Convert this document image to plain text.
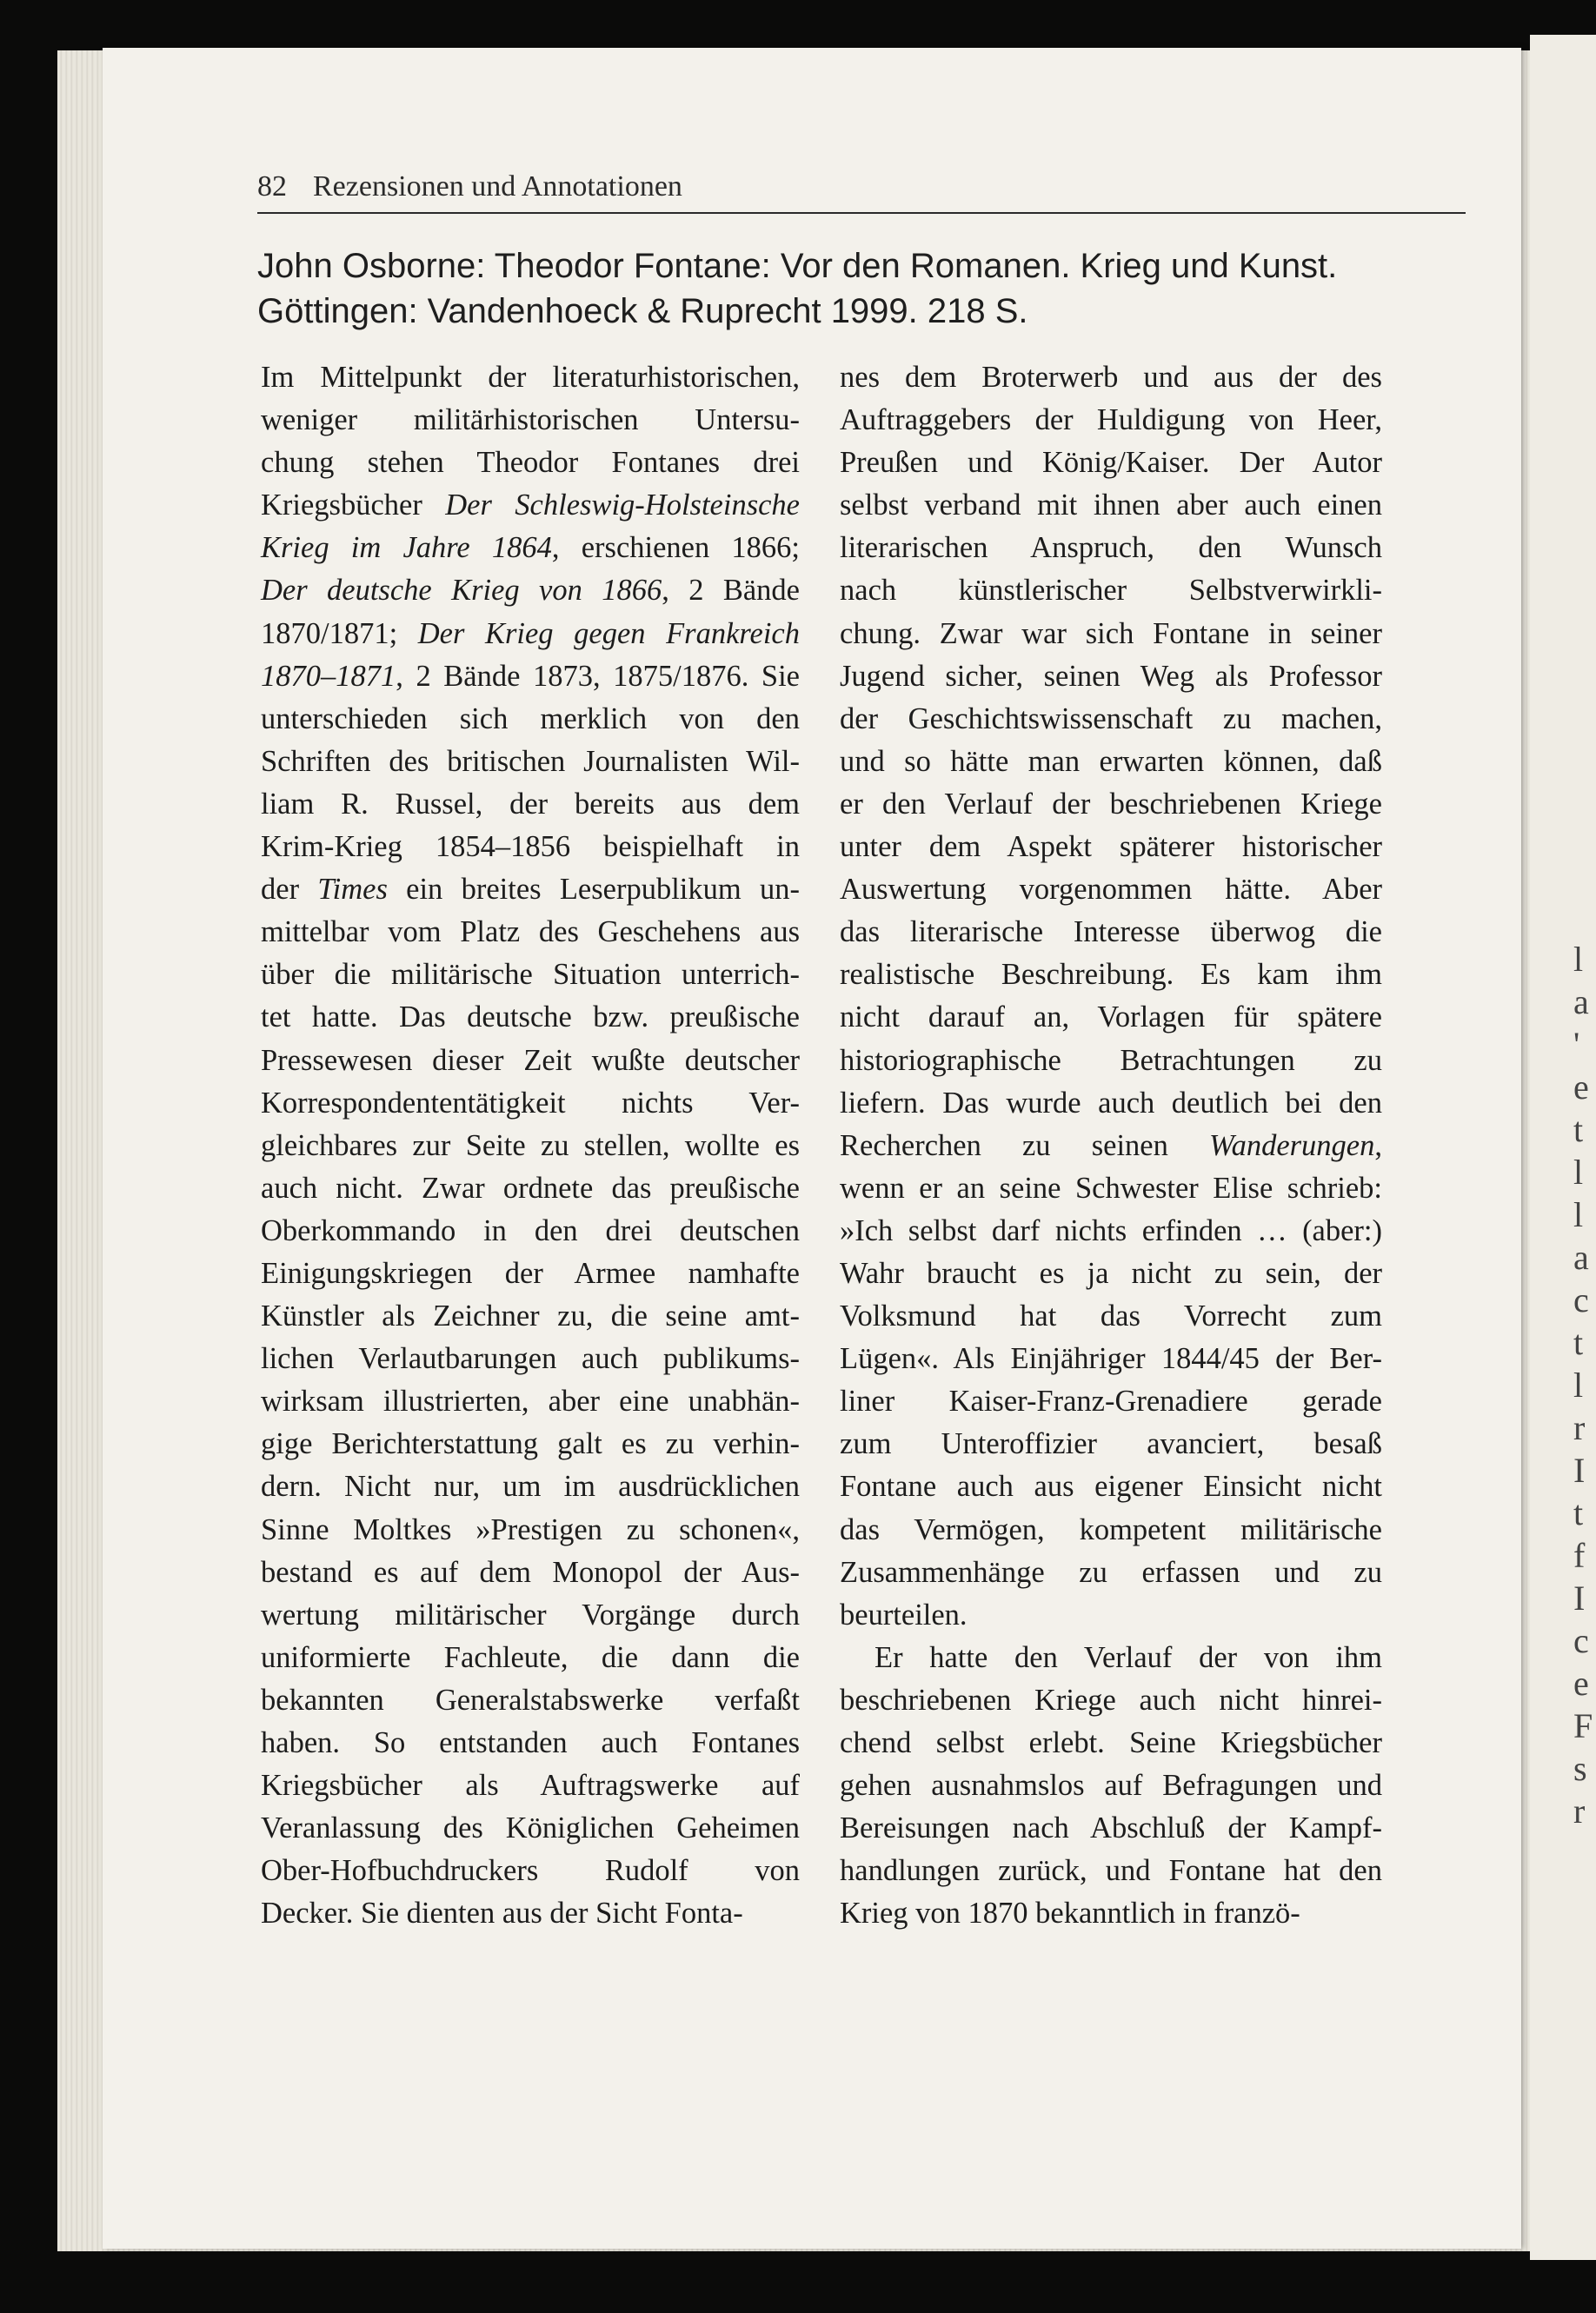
l
a
'
e
t
l
l
a
c
t
l
r
I
t
f
I
c
e
F
s
r
82 Rezensionen und Annotationen
John Osborne: Theodor Fontane: Vor den Romanen. Krieg und Kunst.
Göttingen: Vandenhoeck & Ruprecht 1999. 218 S.
Im Mittelpunkt der literaturhistorischen,
weniger militärhistorischen Untersu-
chung stehen Theodor Fontanes drei
Kriegsbücher Der Schleswig-Holsteinsche
Krieg im Jahre 1864, erschienen 1866;
Der deutsche Krieg von 1866, 2 Bände
1870/1871; Der Krieg gegen Frankreich
1870–1871, 2 Bände 1873, 1875/1876. Sie
unterschieden sich merklich von den
Schriften des britischen Journalisten Wil-
liam R. Russel, der bereits aus dem
Krim-Krieg 1854–1856 beispielhaft in
der Times ein breites Leserpublikum un-
mittelbar vom Platz des Geschehens aus
über die militärische Situation unterrich-
tet hatte. Das deutsche bzw. preußische
Pressewesen dieser Zeit wußte deutscher
Korrespondententätigkeit nichts Ver-
gleichbares zur Seite zu stellen, wollte es
auch nicht. Zwar ordnete das preußische
Oberkommando in den drei deutschen
Einigungskriegen der Armee namhafte
Künstler als Zeichner zu, die seine amt-
lichen Verlautbarungen auch publikums-
wirksam illustrierten, aber eine unabhän-
gige Berichterstattung galt es zu verhin-
dern. Nicht nur, um im ausdrücklichen
Sinne Moltkes »Prestigen zu schonen«,
bestand es auf dem Monopol der Aus-
wertung militärischer Vorgänge durch
uniformierte Fachleute, die dann die
bekannten Generalstabswerke verfaßt
haben. So entstanden auch Fontanes
Kriegsbücher als Auftragswerke auf
Veranlassung des Königlichen Geheimen
Ober-Hofbuchdruckers Rudolf von
Decker. Sie dienten aus der Sicht Fonta-
nes dem Broterwerb und aus der des
Auftraggebers der Huldigung von Heer,
Preußen und König/Kaiser. Der Autor
selbst verband mit ihnen aber auch einen
literarischen Anspruch, den Wunsch
nach künstlerischer Selbstverwirkli-
chung. Zwar war sich Fontane in seiner
Jugend sicher, seinen Weg als Professor
der Geschichtswissenschaft zu machen,
und so hätte man erwarten können, daß
er den Verlauf der beschriebenen Kriege
unter dem Aspekt späterer historischer
Auswertung vorgenommen hätte. Aber
das literarische Interesse überwog die
realistische Beschreibung. Es kam ihm
nicht darauf an, Vorlagen für spätere
historiographische Betrachtungen zu
liefern. Das wurde auch deutlich bei den
Recherchen zu seinen Wanderungen,
wenn er an seine Schwester Elise schrieb:
»Ich selbst darf nichts erfinden … (aber:)
Wahr braucht es ja nicht zu sein, der
Volksmund hat das Vorrecht zum
Lügen«. Als Einjähriger 1844/45 der Ber-
liner Kaiser-Franz-Grenadiere gerade
zum Unteroffizier avanciert, besaß
Fontane auch aus eigener Einsicht nicht
das Vermögen, kompetent militärische
Zusammenhänge zu erfassen und zu
beurteilen.
Er hatte den Verlauf der von ihm
beschriebenen Kriege auch nicht hinrei-
chend selbst erlebt. Seine Kriegsbücher
gehen ausnahmslos auf Befragungen und
Bereisungen nach Abschluß der Kampf-
handlungen zurück, und Fontane hat den
Krieg von 1870 bekanntlich in franzö-
